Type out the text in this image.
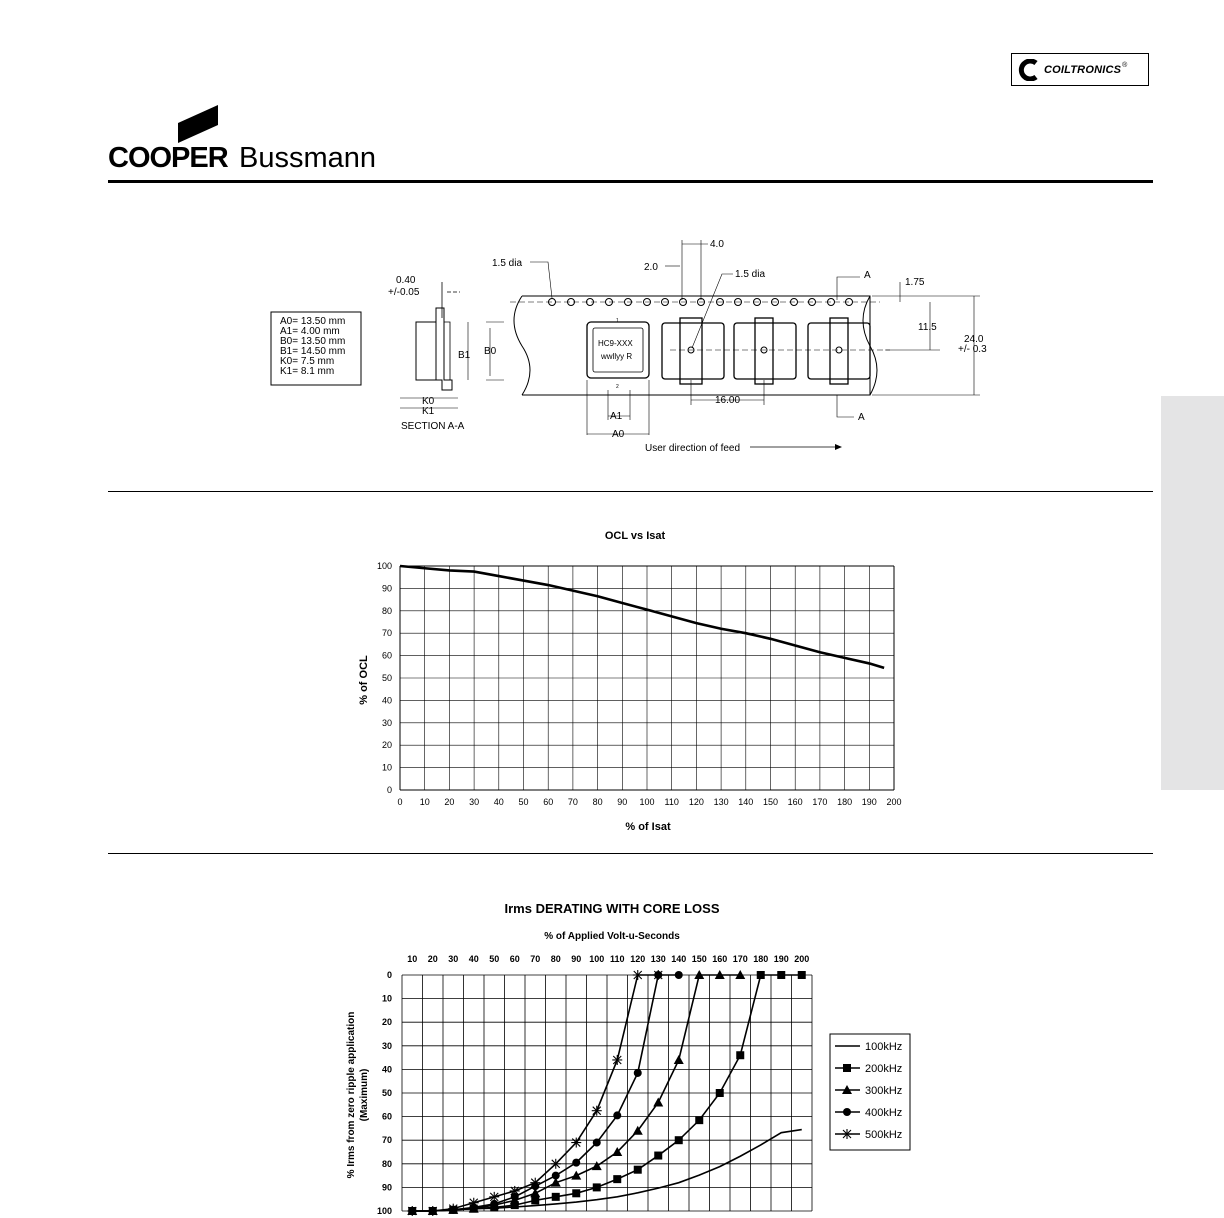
COILTRONICS ®
COOPER Bussmann
A0= 13.50 mm
A1= 4.00 mm
B0= 13.50 mm
B1= 14.50 mm
K0= 7.5 mm
K1= 8.1 mm
0.40
+/-0.05
K0
K1
SECTION A-A
HC9-XXX
wwllyy R
1
2
B1 B0
1.5 dia	2.0
4.0
1.5 dia	A
A
1.75
11.5
24.0
+/- 0.3
16.00
A1
A0
User direction of feed
OCL vs Isat
0 10 20 30 40 50 60 70 80 90 100 110 120 130 140 150 160 170 180 190 200
0
10
20
30
40
50
60
70
80
90
100
% of Isat
% of OCL
Irms DERATING WITH CORE LOSS
% of Applied Volt-u-Seconds
10 20 30 40 50 60 70 80 90 100 110 120 130 140 150 160 170 180 190 200
0
10
20
30
40
50
60
70
80
90
100
% Irms from zero ripple application (Maximum)
100kHz
200kHz
300kHz
400kHz
500kHz
